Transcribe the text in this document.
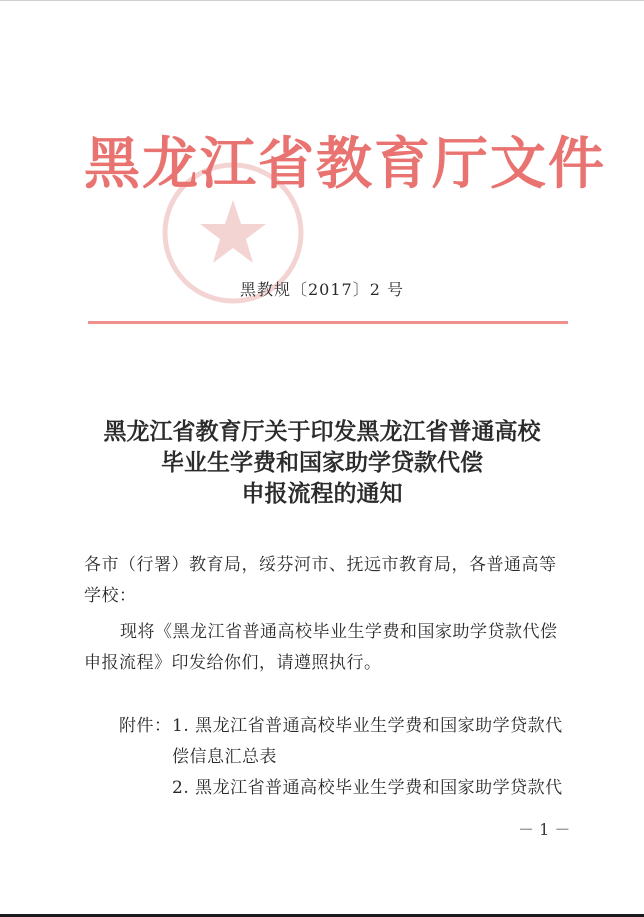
黑龙江省教育厅文件
黑教规〔2017〕2 号
黑龙江省教育厅关于印发黑龙江省普通高校
毕业生学费和国家助学贷款代偿
申报流程的通知
各市（行署）教育局，绥芬河市、抚远市教育局，各普通高等
学校：
现将《黑龙江省普通高校毕业生学费和国家助学贷款代偿
申报流程》印发给你们，请遵照执行。
附件： 1. 黑龙江省普通高校毕业生学费和国家助学贷款代
偿信息汇总表
2. 黑龙江省普通高校毕业生学费和国家助学贷款代
－ 1 －
